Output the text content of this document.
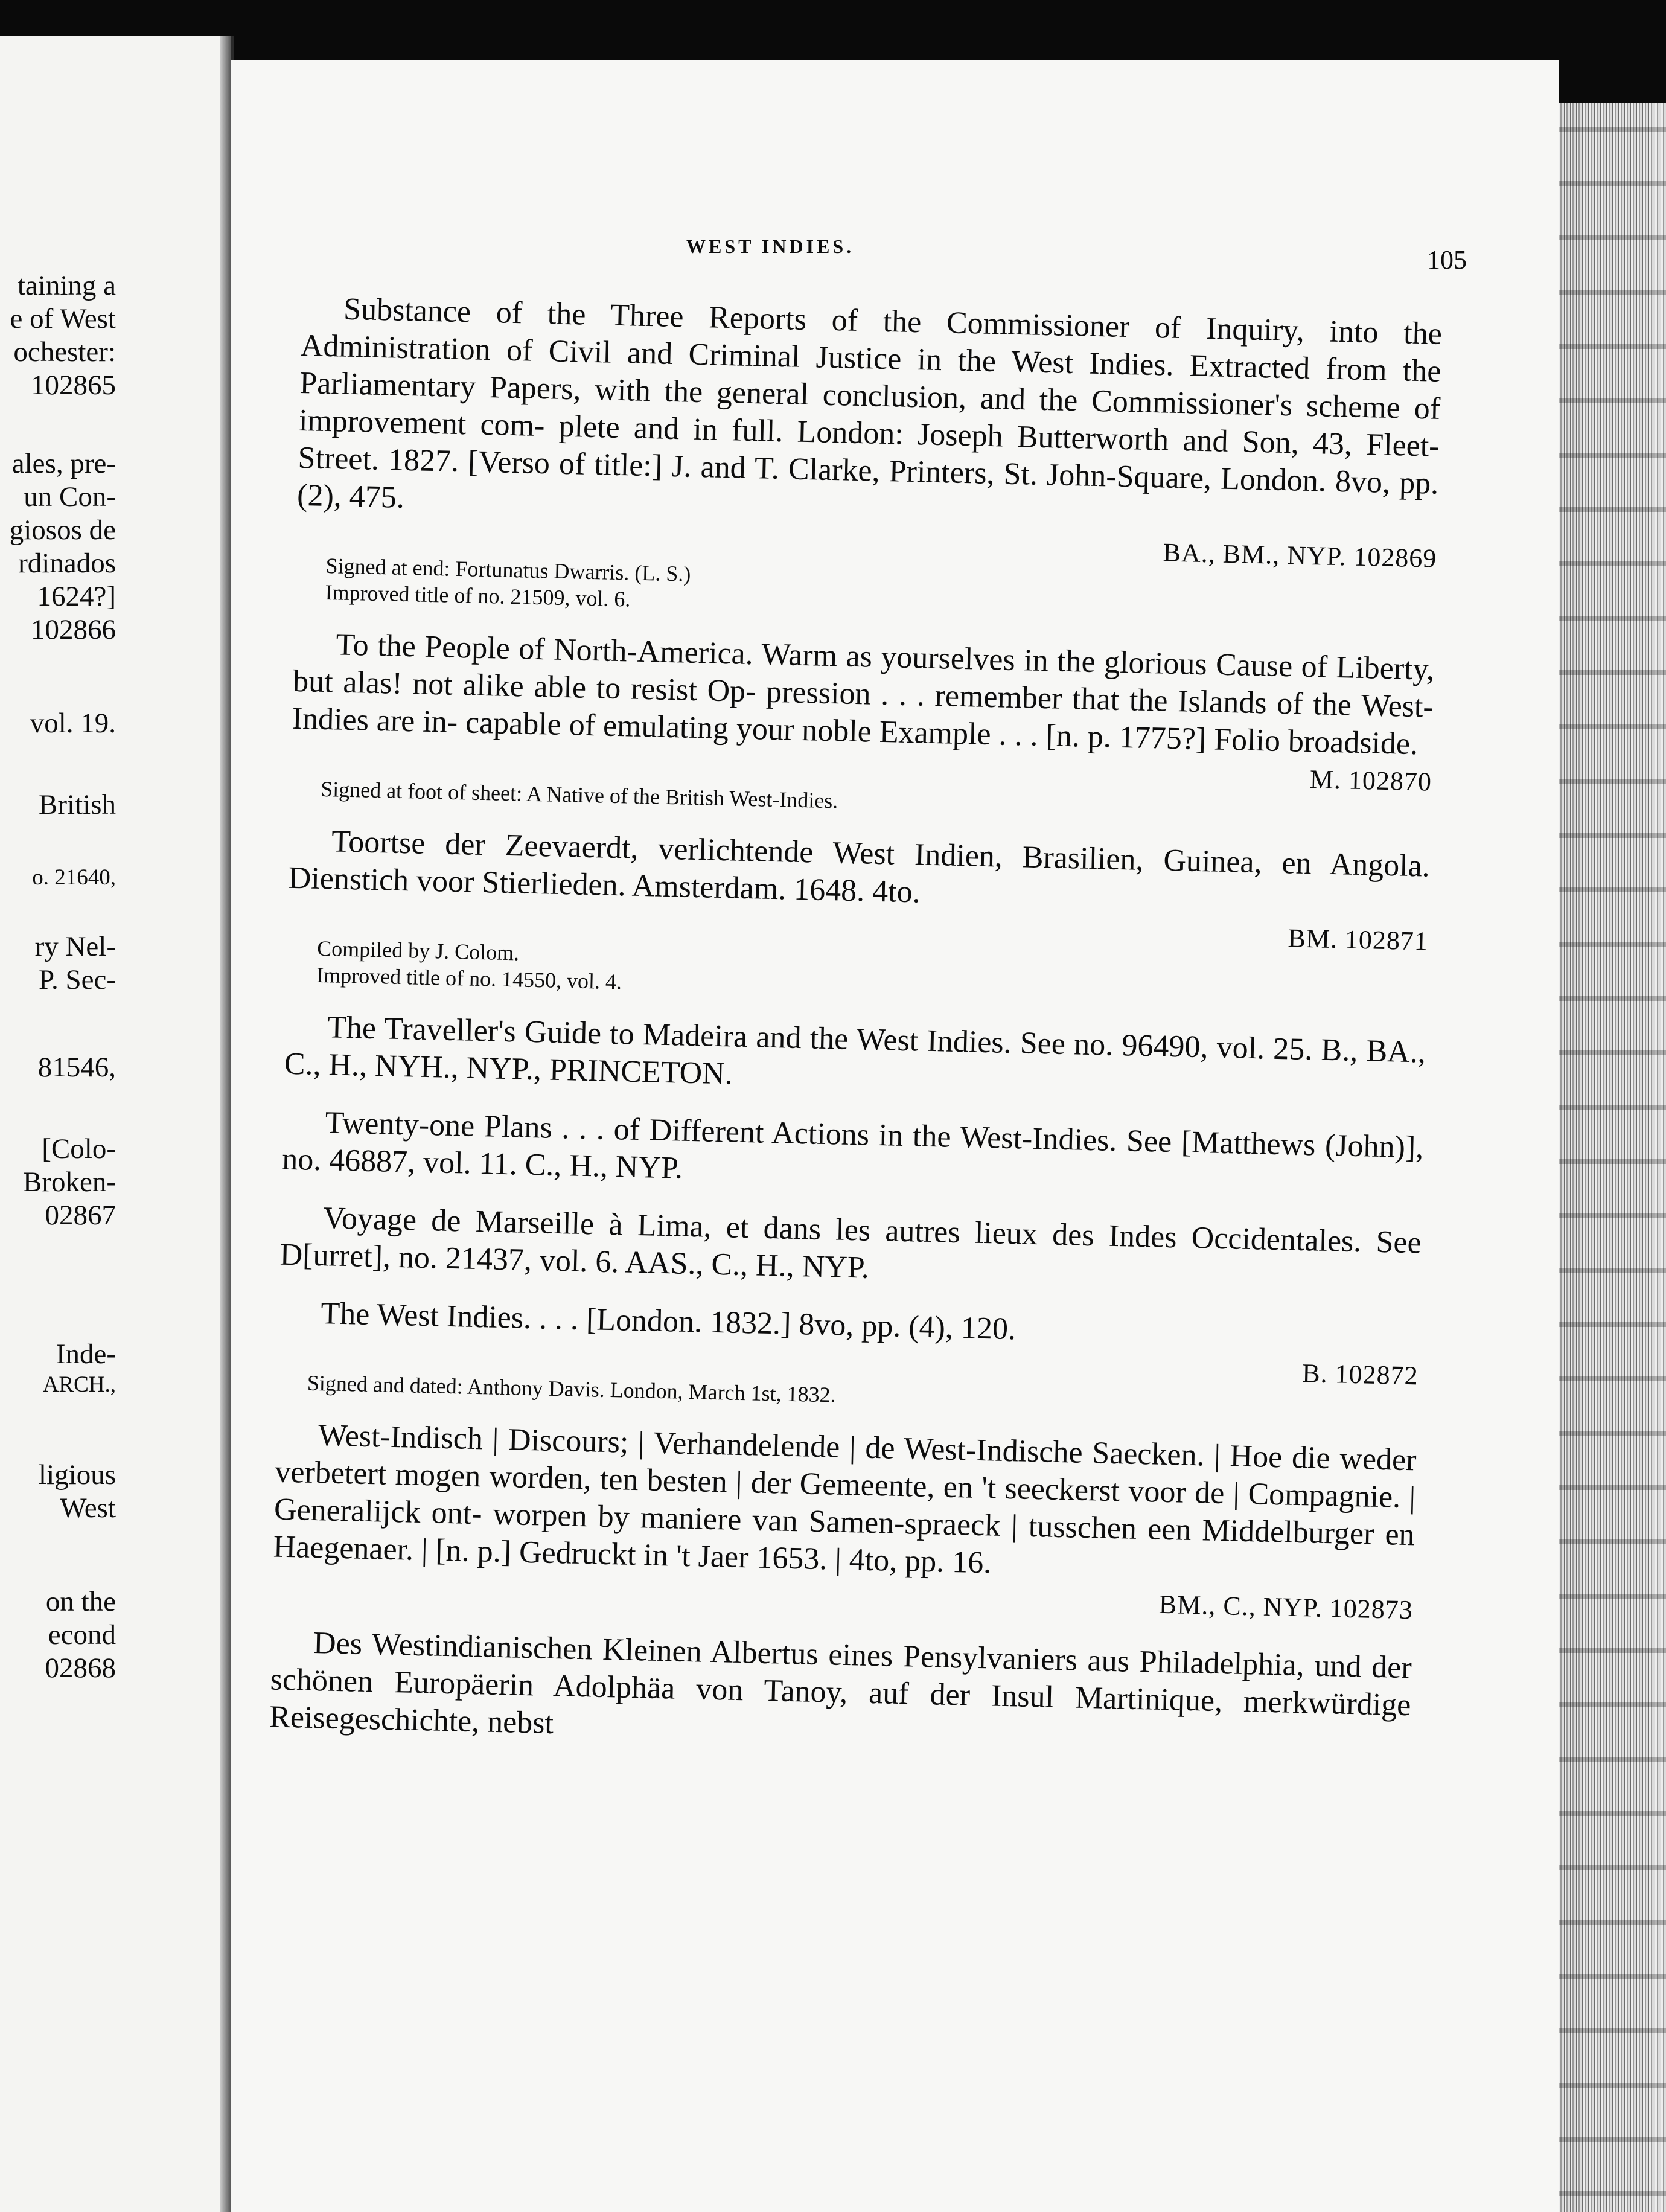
taining a
e of West
ochester:
102865
ales, pre-
un Con-
giosos de
rdinados
1624?]
102866
vol. 19.
British
o. 21640,
ry Nel-
P. Sec-
81546,
[Colo-
Broken-
02867
Inde-
ARCH.,
ligious
West
on the
econd
02868
WEST INDIES.	105

Substance of the Three Reports of the Commissioner of Inquiry, into the Administration of Civil and Criminal Justice in the West Indies. Extracted from the Parliamentary Papers, with the general conclusion, and the Commissioner's scheme of improvement com- plete and in full. London: Joseph Butterworth and Son, 43, Fleet- Street. 1827. [Verso of title:] J. and T. Clarke, Printers, St. John-Square, London. 8vo, pp. (2), 475.

BA., BM., NYP. 102869

Signed at end: Fortunatus Dwarris. (L. S.)

Improved title of no. 21509, vol. 6.

To the People of North-America. Warm as yourselves in the glorious Cause of Liberty, but alas! not alike able to resist Op- pression . . . remember that the Islands of the West-Indies are in- capable of emulating your noble Example . . . [n. p. 1775?] Folio broadside.

M. 102870

Signed at foot of sheet: A Native of the British West-Indies.

Toortse der Zeevaerdt, verlichtende West Indien, Brasilien, Guinea, en Angola. Dienstich voor Stierlieden. Amsterdam. 1648. 4to.

BM. 102871

Compiled by J. Colom.

Improved title of no. 14550, vol. 4.

The Traveller's Guide to Madeira and the West Indies. See no. 96490, vol. 25. B., BA., C., H., NYH., NYP., PRINCETON.

Twenty-one Plans . . . of Different Actions in the West-Indies. See [Matthews (John)], no. 46887, vol. 11. C., H., NYP.

Voyage de Marseille à Lima, et dans les autres lieux des Indes Occidentales. See D[urret], no. 21437, vol. 6. AAS., C., H., NYP.

The West Indies. . . . [London. 1832.] 8vo, pp. (4), 120.

B. 102872

Signed and dated: Anthony Davis. London, March 1st, 1832.

West-Indisch | Discours; | Verhandelende | de West-Indische Saecken. | Hoe die weder verbetert mogen worden, ten besten | der Gemeente, en 't seeckerst voor de | Compagnie. | Generalijck ont- worpen by maniere van Samen-spraeck | tusschen een Middelburger en Haegenaer. | [n. p.] Gedruckt in 't Jaer 1653. | 4to, pp. 16.

BM., C., NYP. 102873

Des Westindianischen Kleinen Albertus eines Pensylvaniers aus Philadelphia, und der schönen Europäerin Adolphäa von Tanoy, auf der Insul Martinique, merkwürdige Reisegeschichte, nebst
